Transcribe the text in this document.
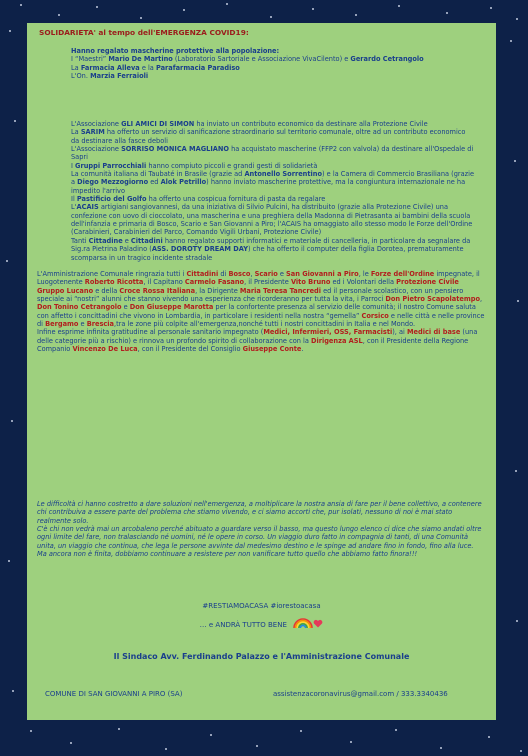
SOLIDARIETA' al tempo dell'EMERGENZA COVID19:

Hanno regalato mascherine protettive alla popolazione:

I “Maestri” Mario De Martino (Laboratorio Sartoriale e Associazione VivaCilento) e Gerardo Cetrangolo

La Farmacia Alleva e la Parafarmacia Paradiso

L'On. Marzia Ferraioli

L'Associazione GLI AMICI DI SIMON ha inviato un contributo economico da destinare alla Protezione Civile

La SARIM ha offerto un servizio di sanificazione straordinario sul territorio comunale, oltre ad un contributo economico da destinare alla fasce deboli

L'Associazione SORRISO MONICA MAGLIANO ha acquistato mascherine (FFP2 con valvola) da destinare all'Ospedale di Sapri

I Gruppi Parrocchiali hanno compiuto piccoli e grandi gesti di solidarietà

La comunità italiana di Taubaté in Brasile (grazie ad Antonello Sorrentino) e la Camera di Commercio Brasiliana (grazie a Diego Mezzogiorno ed Alok Petrillo) hanno inviato mascherine protettive, ma la congiuntura internazionale ne ha impedito l'arrivo

Il Pastificio del Golfo ha offerto una cospicua fornitura di pasta da regalare

L'ACAIS artigiani sangiovannesi, da una iniziativa di Silvio Pulcini, ha distribuito (grazie alla Protezione Civile) una confezione con uovo di cioccolato, una mascherina e una preghiera della Madonna di Pietrasanta ai bambini della scuola dell'infanzia e primaria di Bosco, Scario e San Giovanni a Piro; l'ACAIS ha omaggiato allo stesso modo le Forze dell'Ordine (Carabinieri, Carabinieri del Parco, Comando Vigili Urbani, Protezione Civile)

Tanti Cittadine e Cittadini hanno regalato supporti informatici e materiale di cancelleria, in particolare da segnalare da Sig.ra Pietrina Paladino (ASS. DOROTY DREAM DAY) che ha offerto il computer della figlia Dorotea, prematuramente scomparsa in un tragico incidente stradale

L'Amministrazione Comunale ringrazia tutti i Cittadini di Bosco, Scario e San Giovanni a Piro, le Forze dell'Ordine impegnate, il Luogotenente Roberto Ricotta, il Capitano Carmelo Fasano, il Presidente Vito Bruno ed i Volontari della Protezione Civile Gruppo Lucano e della Croce Rossa Italiana, la Dirigente Maria Teresa Tancredi ed il personale scolastico, con un pensiero speciale ai “nostri” alunni che stanno vivendo una esperienza che ricorderanno per tutta la vita, i Parroci Don Pietro Scapolatempo, Don Tonino Cetrangolo e Don Giuseppe Marotta per la confortente presenza al servizio delle comunità; il nostro Comune saluta con affetto i concittadini che vivono in Lombardia, in particolare i residenti nella nostra “gemella” Corsico e nelle città e nelle province di Bergamo e Brescia,tra le zone più colpite all'emergenza,nonché tutti i nostri concittadini in Italia e nel Mondo.

Infine esprime infinita gratitudine al personale sanitario impegnato (Medici, Infermieri, OSS, Farmacisti), ai Medici di base (una delle categorie più a rischio) e rinnova un profondo spirito di collaborazione con la Dirigenza ASL, con il Presidente della Regione Companio Vincenzo De Luca, con il Presidente del Consiglio Giuseppe Conte.

Le difficoltà ci hanno costretto a dare soluzioni nell'emergenza, a moltiplicare la nostra ansia di fare per il bene collettivo, a contenere chi contribuiva a essere parte del problema che stiamo vivendo, e ci siamo accorti che, pur isolati, nessuno di noi è mai stato realmente solo.

C'è chi non vedrà mai un arcobaleno perché abituato a guardare verso il basso, ma questo lungo elenco ci dice che siamo andati oltre ogni limite del fare, non tralasciando né uomini, né le opere in corso. Un viaggio duro fatto in compagnia di tanti, di una Comunità unita, un viaggio che continua, che lega le persone avvinte dal medesimo destino e le spinge ad andare fino in fondo, fino alla luce.

Ma ancora non è finita, dobbiamo continuare a resistere per non vanificare tutto quello che abbiamo fatto finora!!!

#RESTIAMOACASA #iorestoacasa
… e ANDRÀ TUTTO BENE
Il Sindaco Avv. Ferdinando Palazzo e l'Amministrazione Comunale
COMUNE DI SAN GIOVANNI A PIRO (SA)	assistenzacoronavirus@gmail.com / 333.3340436
